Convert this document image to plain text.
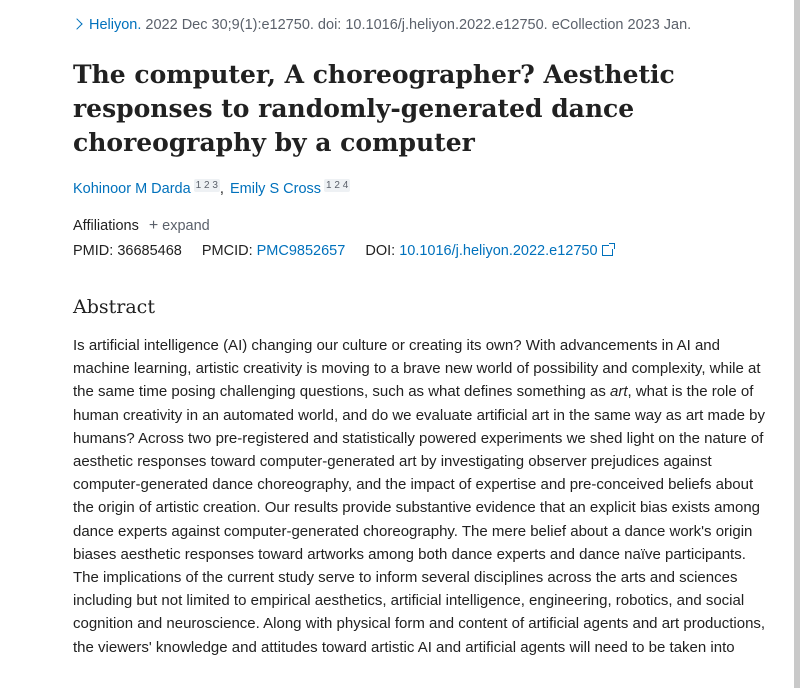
Heliyon. 2022 Dec 30;9(1):e12750. doi: 10.1016/j.heliyon.2022.e12750. eCollection 2023 Jan.
The computer, A choreographer? Aesthetic responses to randomly-generated dance choreography by a computer
Kohinoor M Darda 1 2 3 , Emily S Cross 1 2 4
Affiliations + expand
PMID: 36685468 PMCID: PMC9852657 DOI: 10.1016/j.heliyon.2022.e12750
Abstract

Is artificial intelligence (AI) changing our culture or creating its own? With advancements in AI and machine learning, artistic creativity is moving to a brave new world of possibility and complexity, while at the same time posing challenging questions, such as what defines something as art, what is the role of human creativity in an automated world, and do we evaluate artificial art in the same way as art made by humans? Across two pre-registered and statistically powered experiments we shed light on the nature of aesthetic responses toward computer-generated art by investigating observer prejudices against computer-generated dance choreography, and the impact of expertise and pre-conceived beliefs about the origin of artistic creation. Our results provide substantive evidence that an explicit bias exists among dance experts against computer-generated choreography. The mere belief about a dance work's origin biases aesthetic responses toward artworks among both dance experts and dance naïve participants. The implications of the current study serve to inform several disciplines across the arts and sciences including but not limited to empirical aesthetics, artificial intelligence, engineering, robotics, and social cognition and neuroscience. Along with physical form and content of artificial agents and art productions, the viewers' knowledge and attitudes toward artistic AI and artificial agents will need to be taken into
